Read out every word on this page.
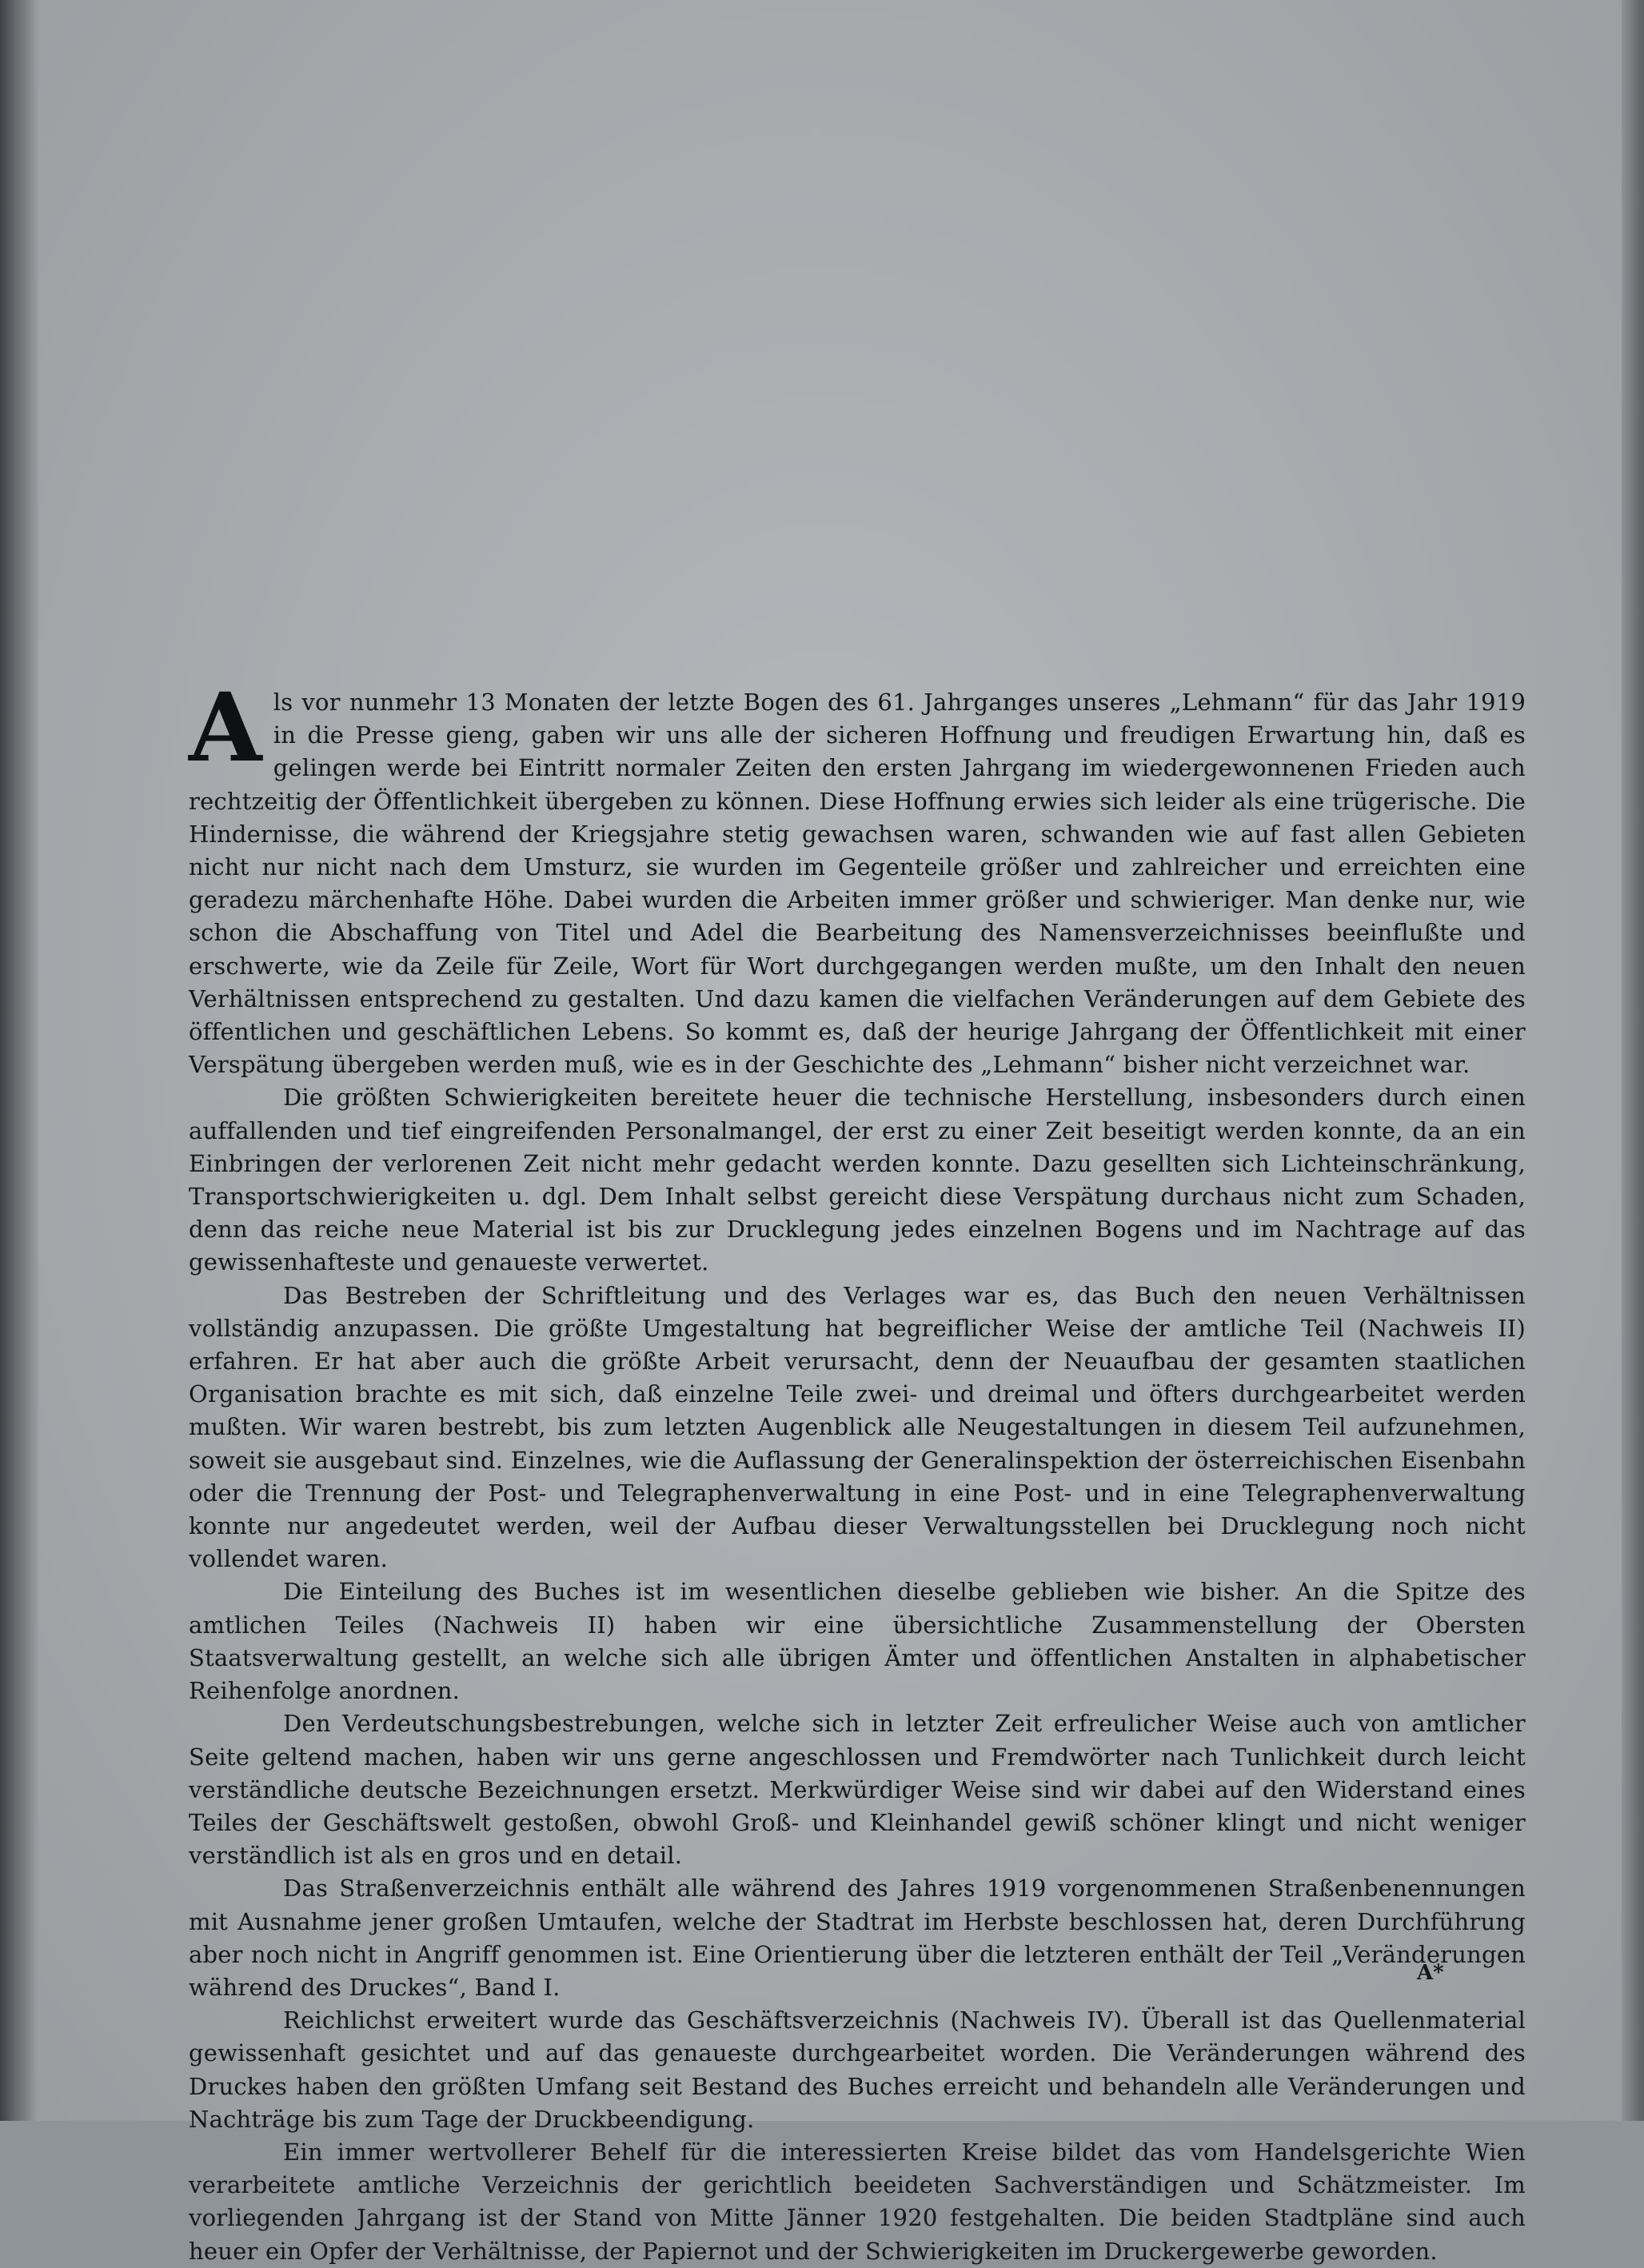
Als vor nunmehr 13 Monaten der letzte Bogen des 61. Jahrganges unseres „Lehmann“ für das Jahr 1919 in die Presse gieng, gaben wir uns alle der sicheren Hoffnung und freudigen Erwartung hin, daß es gelingen werde bei Eintritt normaler Zeiten den ersten Jahrgang im wiedergewonnenen Frieden auch rechtzeitig der Öffentlichkeit übergeben zu können. Diese Hoffnung erwies sich leider als eine trügerische. Die Hindernisse, die während der Kriegsjahre stetig gewachsen waren, schwanden wie auf fast allen Gebieten nicht nur nicht nach dem Umsturz, sie wurden im Gegenteile größer und zahlreicher und erreichten eine geradezu märchenhafte Höhe. Dabei wurden die Arbeiten immer größer und schwieriger. Man denke nur, wie schon die Abschaffung von Titel und Adel die Bearbeitung des Namensverzeichnisses beeinflußte und erschwerte, wie da Zeile für Zeile, Wort für Wort durchgegangen werden mußte, um den Inhalt den neuen Verhältnissen entsprechend zu gestalten. Und dazu kamen die vielfachen Veränderungen auf dem Gebiete des öffentlichen und geschäftlichen Lebens. So kommt es, daß der heurige Jahrgang der Öffentlichkeit mit einer Verspätung übergeben werden muß, wie es in der Geschichte des „Lehmann“ bisher nicht verzeichnet war.

Die größten Schwierigkeiten bereitete heuer die technische Herstellung, insbesonders durch einen auffallenden und tief eingreifenden Personalmangel, der erst zu einer Zeit beseitigt werden konnte, da an ein Einbringen der verlorenen Zeit nicht mehr gedacht werden konnte. Dazu gesellten sich Lichteinschränkung, Transportschwierigkeiten u. dgl. Dem Inhalt selbst gereicht diese Verspätung durchaus nicht zum Schaden, denn das reiche neue Material ist bis zur Drucklegung jedes einzelnen Bogens und im Nachtrage auf das gewissenhafteste und genaueste verwertet.

Das Bestreben der Schriftleitung und des Verlages war es, das Buch den neuen Verhältnissen vollständig anzupassen. Die größte Umgestaltung hat begreiflicher Weise der amtliche Teil (Nachweis II) erfahren. Er hat aber auch die größte Arbeit verursacht, denn der Neuaufbau der gesamten staatlichen Organisation brachte es mit sich, daß einzelne Teile zwei- und dreimal und öfters durchgearbeitet werden mußten. Wir waren bestrebt, bis zum letzten Augenblick alle Neugestaltungen in diesem Teil aufzunehmen, soweit sie ausgebaut sind. Einzelnes, wie die Auflassung der Generalinspektion der österreichischen Eisenbahn oder die Trennung der Post- und Telegraphenverwaltung in eine Post- und in eine Telegraphenverwaltung konnte nur angedeutet werden, weil der Aufbau dieser Verwaltungsstellen bei Drucklegung noch nicht vollendet waren.

Die Einteilung des Buches ist im wesentlichen dieselbe geblieben wie bisher. An die Spitze des amtlichen Teiles (Nachweis II) haben wir eine übersichtliche Zusammenstellung der Obersten Staatsverwaltung gestellt, an welche sich alle übrigen Ämter und öffentlichen Anstalten in alphabetischer Reihenfolge anordnen.

Den Verdeutschungsbestrebungen, welche sich in letzter Zeit erfreulicher Weise auch von amtlicher Seite geltend machen, haben wir uns gerne angeschlossen und Fremdwörter nach Tunlichkeit durch leicht verständliche deutsche Bezeichnungen ersetzt. Merkwürdiger Weise sind wir dabei auf den Widerstand eines Teiles der Geschäftswelt gestoßen, obwohl Groß- und Kleinhandel gewiß schöner klingt und nicht weniger verständlich ist als en gros und en detail.

Das Straßenverzeichnis enthält alle während des Jahres 1919 vorgenommenen Straßenbenennungen mit Ausnahme jener großen Umtaufen, welche der Stadtrat im Herbste beschlossen hat, deren Durchführung aber noch nicht in Angriff genommen ist. Eine Orientierung über die letzteren enthält der Teil „Veränderungen während des Druckes“, Band I.

Reichlichst erweitert wurde das Geschäftsverzeichnis (Nachweis IV). Überall ist das Quellenmaterial gewissenhaft gesichtet und auf das genaueste durchgearbeitet worden. Die Veränderungen während des Druckes haben den größten Umfang seit Bestand des Buches erreicht und behandeln alle Veränderungen und Nachträge bis zum Tage der Druckbeendigung.

Ein immer wertvollerer Behelf für die interessierten Kreise bildet das vom Handelsgerichte Wien verarbeitete amtliche Verzeichnis der gerichtlich beeideten Sachverständigen und Schätzmeister. Im vorliegenden Jahrgang ist der Stand von Mitte Jänner 1920 festgehalten. Die beiden Stadtpläne sind auch heuer ein Opfer der Verhältnisse, der Papiernot und der Schwierigkeiten im Druckergewerbe geworden.

A*
